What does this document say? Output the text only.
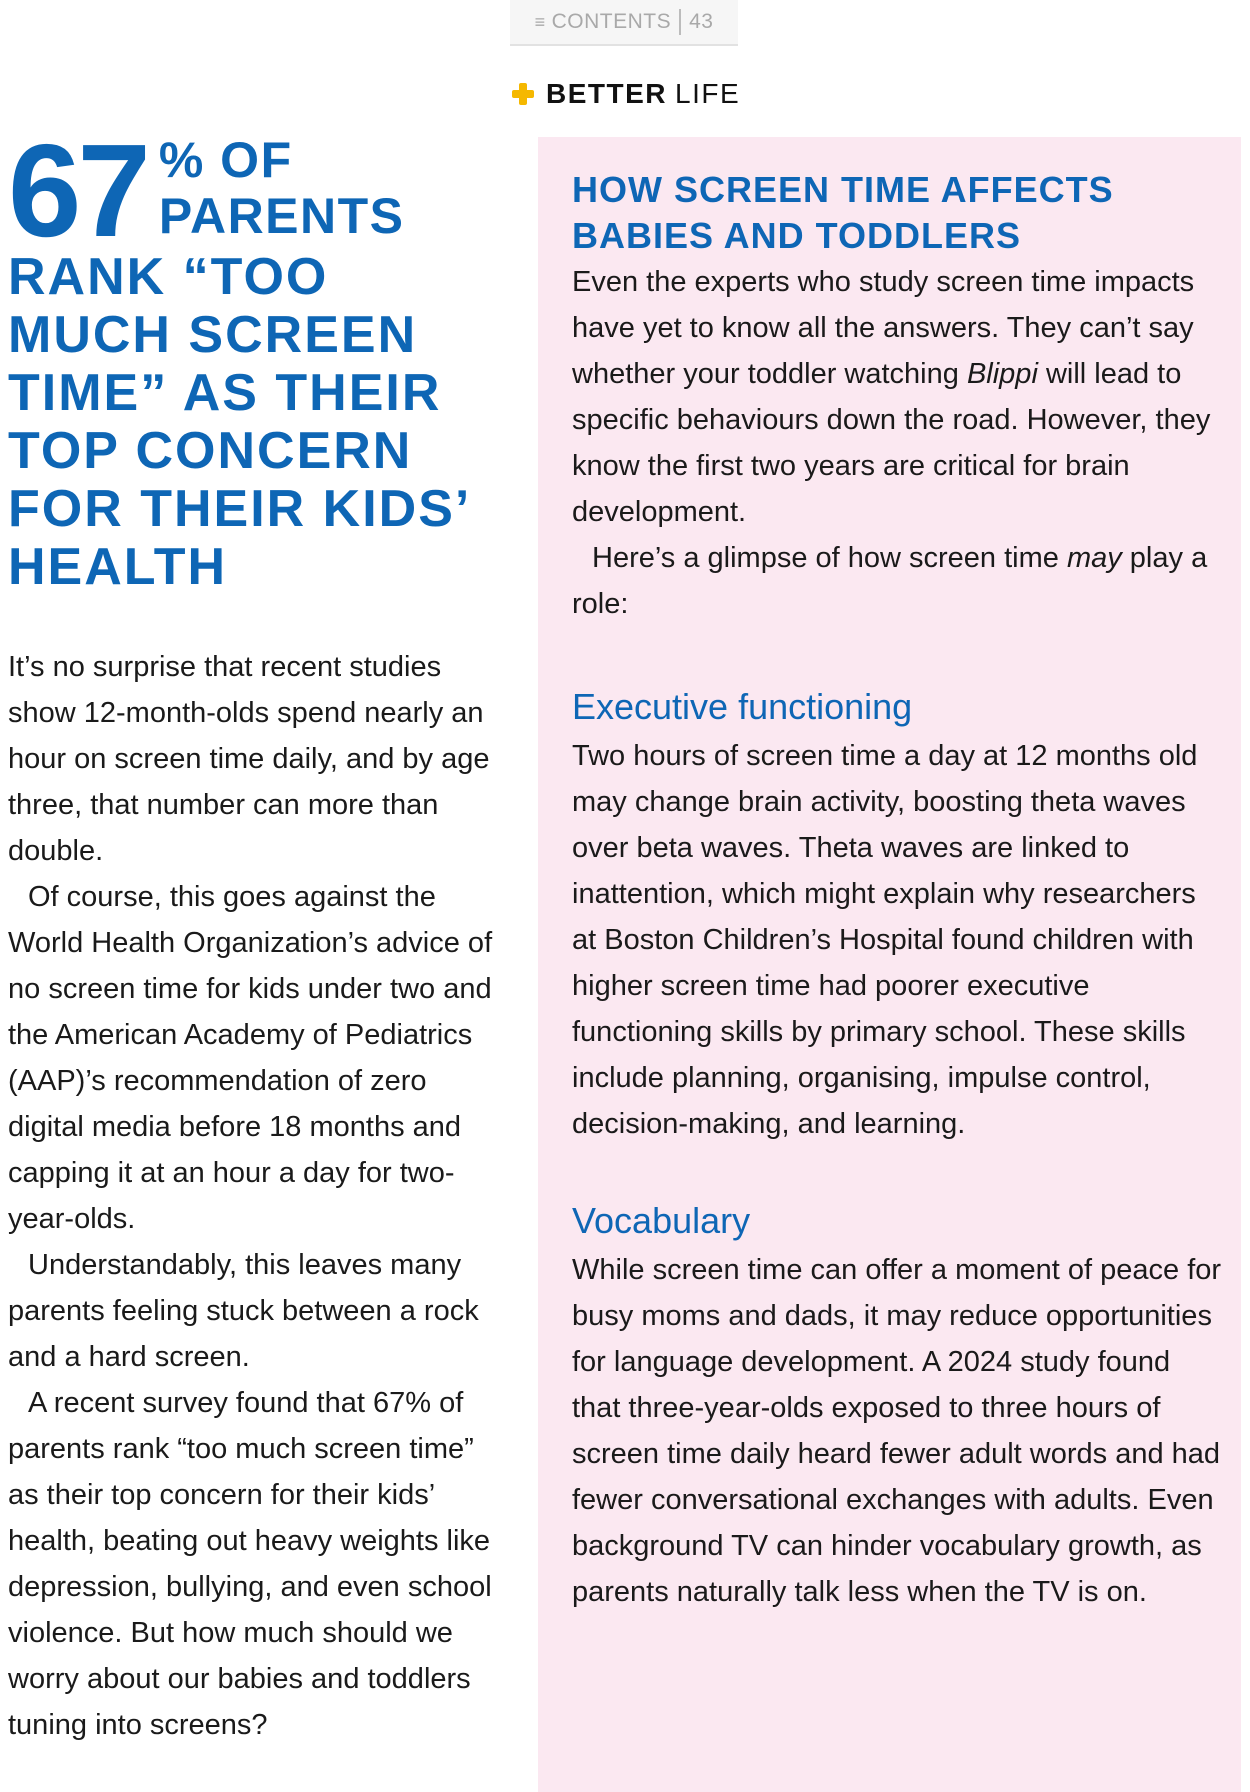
≡ CONTENTS 43
BETTER LIFE
67 % OF
PARENTS
RANK “TOO
MUCH SCREEN
TIME” AS THEIR
TOP CONCERN
FOR THEIR KIDS’
HEALTH

It’s no surprise that recent studies show 12-month-olds spend nearly an hour on screen time daily, and by age three, that number can more than double.

Of course, this goes against the World Health Organization’s advice of no screen time for kids under two and the American Academy of Pediatrics (AAP)’s recommendation of zero digital media before 18 months and capping it at an hour a day for two-year-olds.

Understandably, this leaves many parents feeling stuck between a rock and a hard screen.

A recent survey found that 67% of parents rank “too much screen time” as their top concern for their kids’ health, beating out heavy weights like depression, bullying, and even school violence. But how much should we worry about our babies and toddlers tuning into screens?

HOW SCREEN TIME AFFECTS BABIES AND TODDLERS

Even the experts who study screen time impacts have yet to know all the answers. They can’t say whether your toddler watching Blippi will lead to specific behaviours down the road. However, they know the first two years are critical for brain development.

Here’s a glimpse of how screen time may play a role:

Executive functioning

Two hours of screen time a day at 12 months old may change brain activity, boosting theta waves over beta waves. Theta waves are linked to inattention, which might explain why researchers at Boston Children’s Hospital found children with higher screen time had poorer executive functioning skills by primary school. These skills include planning, organising, impulse control, decision-making, and learning.

Vocabulary

While screen time can offer a moment of peace for busy moms and dads, it may reduce opportunities for language development. A 2024 study found that three-year-olds exposed to three hours of screen time daily heard fewer adult words and had fewer conversational exchanges with adults. Even background TV can hinder vocabulary growth, as parents naturally talk less when the TV is on.
